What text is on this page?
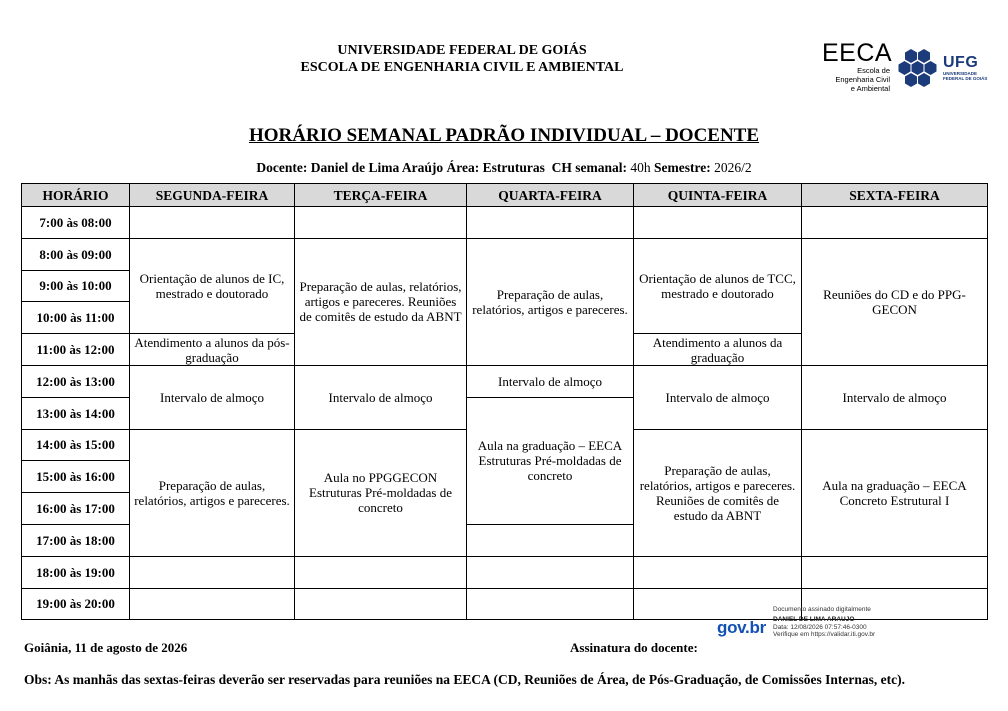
UNIVERSIDADE FEDERAL DE GOIÁS
ESCOLA DE ENGENHARIA CIVIL E AMBIENTAL
EECA
Escola de
Engenharia Civil
e Ambiental
UFG
UNIVERSIDADE
FEDERAL DE GOIÁS
HORÁRIO SEMANAL PADRÃO INDIVIDUAL – DOCENTE
Docente: Daniel de Lima Araújo Área: Estruturas CH semanal: 40h Semestre: 2026/2
HORÁRIO	SEGUNDA-FEIRA	TERÇA-FEIRA	QUARTA-FEIRA	QUINTA-FEIRA	SEXTA-FEIRA
7:00 às 08:00					
8:00 às 09:00	Orientação de alunos de IC, mestrado e doutorado	Preparação de aulas, relatórios, artigos e pareceres. Reuniões de comitês de estudo da ABNT	Preparação de aulas, relatórios, artigos e pareceres.	Orientação de alunos de TCC, mestrado e doutorado	Reuniões do CD e do PPG-GECON
9:00 às 10:00					
10:00 às 11:00					
11:00 às 12:00	Atendimento a alunos da pós-graduação			Atendimento a alunos da graduação	
12:00 às 13:00	Intervalo de almoço	Intervalo de almoço	Intervalo de almoço	Intervalo de almoço	Intervalo de almoço
13:00 às 14:00			Aula na graduação – EECA Estruturas Pré-moldadas de concreto		
14:00 às 15:00	Preparação de aulas, relatórios, artigos e pareceres.	Aula no PPGGECON Estruturas Pré-moldadas de concreto		Preparação de aulas, relatórios, artigos e pareceres. Reuniões de comitês de estudo da ABNT	Aula na graduação – EECA Concreto Estrutural I
15:00 às 16:00					
16:00 às 17:00					
17:00 às 18:00					
18:00 às 19:00					
19:00 às 20:00					
Goiânia, 11 de agosto de 2026	Assinatura do docente:
gov.br
Documento assinado digitalmente
DANIEL DE LIMA ARAUJO
Data: 12/08/2026 07:57:46-0300
Verifique em https://validar.iti.gov.br
Obs: As manhãs das sextas-feiras deverão ser reservadas para reuniões na EECA (CD, Reuniões de Área, de Pós-Graduação, de Comissões Internas, etc).
